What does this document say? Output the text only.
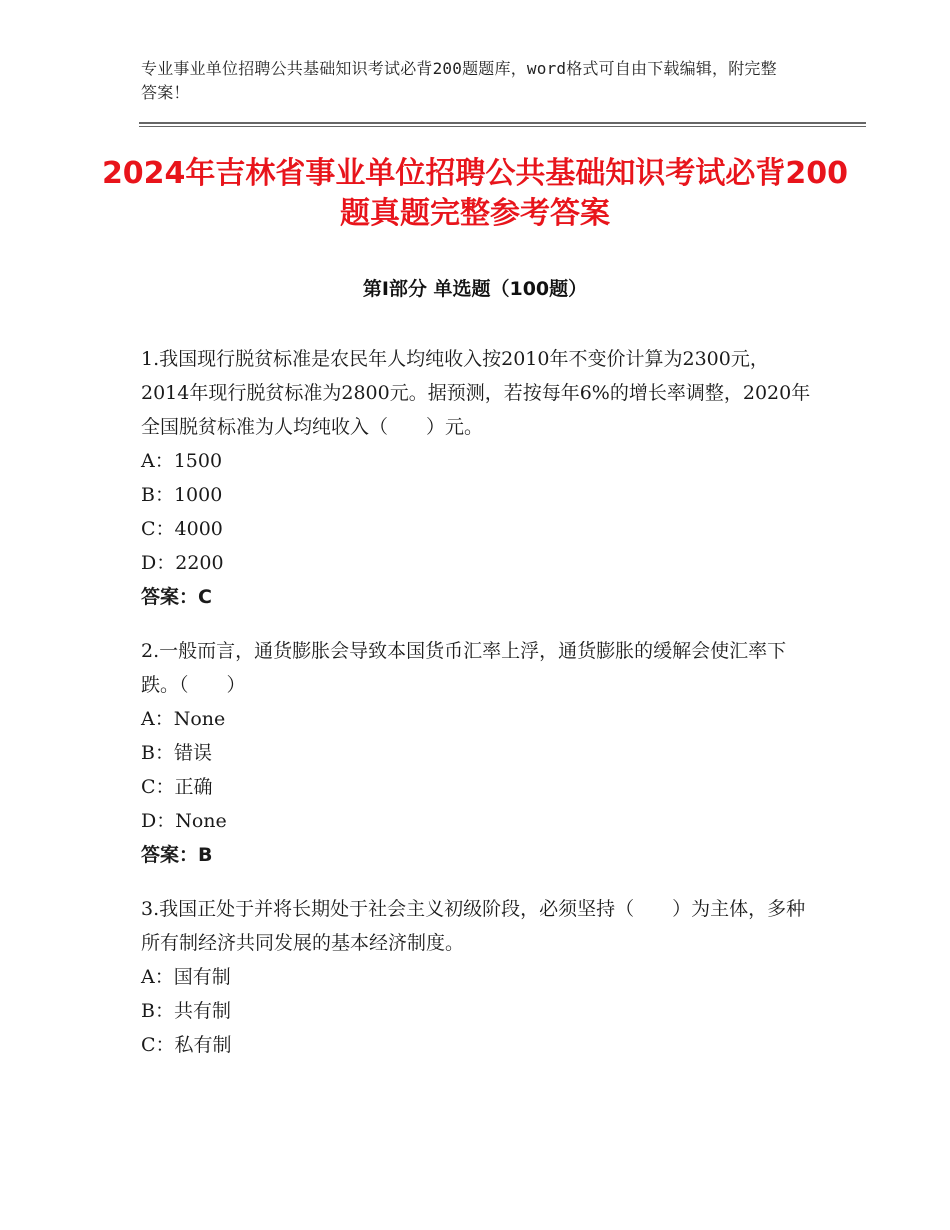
专业事业单位招聘公共基础知识考试必背200题题库，word格式可自由下载编辑，附完整答案！
2024年吉林省事业单位招聘公共基础知识考试必背200题真题完整参考答案
第Ⅰ部分 单选题（100题）

1.我国现行脱贫标准是农民年人均纯收入按2010年不变价计算为2300元，2014年现行脱贫标准为2800元。据预测，若按每年6%的增长率调整，2020年全国脱贫标准为人均纯收入（　　）元。

A：1500

B：1000

C：4000

D：2200

答案：C

2.一般而言，通货膨胀会导致本国货币汇率上浮，通货膨胀的缓解会使汇率下跌。（　　）

A：None

B：错误

C：正确

D：None

答案：B

3.我国正处于并将长期处于社会主义初级阶段，必须坚持（　　）为主体，多种所有制经济共同发展的基本经济制度。

A：国有制

B：共有制

C：私有制
